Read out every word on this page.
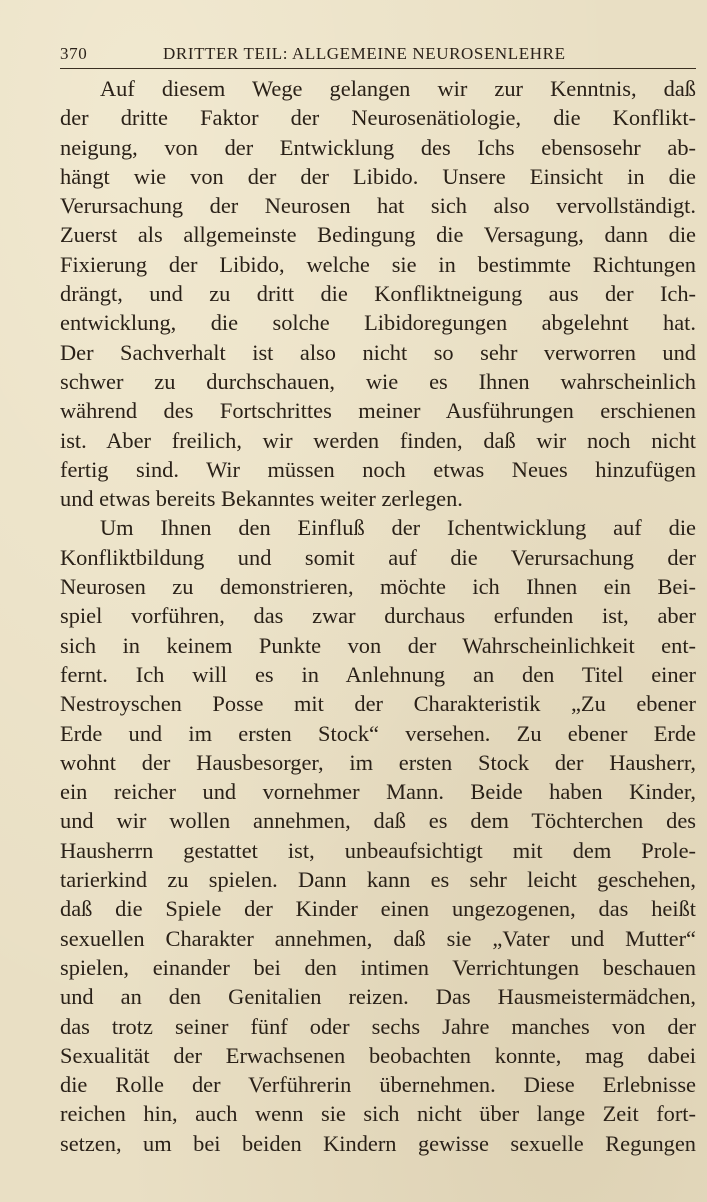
370	DRITTER TEIL: ALLGEMEINE NEUROSENLEHRE
Auf diesem Wege gelangen wir zur Kenntnis, daß
der dritte Faktor der Neurosenätiologie, die Konflikt-
neigung, von der Entwicklung des Ichs ebensosehr ab-
hängt wie von der der Libido. Unsere Einsicht in die
Verursachung der Neurosen hat sich also vervollständigt.
Zuerst als allgemeinste Bedingung die Versagung, dann die
Fixierung der Libido, welche sie in bestimmte Richtungen
drängt, und zu dritt die Konfliktneigung aus der Ich-
entwicklung, die solche Libidoregungen abgelehnt hat.
Der Sachverhalt ist also nicht so sehr verworren und
schwer zu durchschauen, wie es Ihnen wahrscheinlich
während des Fortschrittes meiner Ausführungen erschienen
ist. Aber freilich, wir werden finden, daß wir noch nicht
fertig sind. Wir müssen noch etwas Neues hinzufügen
und etwas bereits Bekanntes weiter zerlegen.
Um Ihnen den Einfluß der Ichentwicklung auf die
Konfliktbildung und somit auf die Verursachung der
Neurosen zu demonstrieren, möchte ich Ihnen ein Bei-
spiel vorführen, das zwar durchaus erfunden ist, aber
sich in keinem Punkte von der Wahrscheinlichkeit ent-
fernt. Ich will es in Anlehnung an den Titel einer
Nestroyschen Posse mit der Charakteristik „Zu ebener
Erde und im ersten Stock“ versehen. Zu ebener Erde
wohnt der Hausbesorger, im ersten Stock der Hausherr,
ein reicher und vornehmer Mann. Beide haben Kinder,
und wir wollen annehmen, daß es dem Töchterchen des
Hausherrn gestattet ist, unbeaufsichtigt mit dem Prole-
tarierkind zu spielen. Dann kann es sehr leicht geschehen,
daß die Spiele der Kinder einen ungezogenen, das heißt
sexuellen Charakter annehmen, daß sie „Vater und Mutter“
spielen, einander bei den intimen Verrichtungen beschauen
und an den Genitalien reizen. Das Hausmeistermädchen,
das trotz seiner fünf oder sechs Jahre manches von der
Sexualität der Erwachsenen beobachten konnte, mag dabei
die Rolle der Verführerin übernehmen. Diese Erlebnisse
reichen hin, auch wenn sie sich nicht über lange Zeit fort-
setzen, um bei beiden Kindern gewisse sexuelle Regungen
